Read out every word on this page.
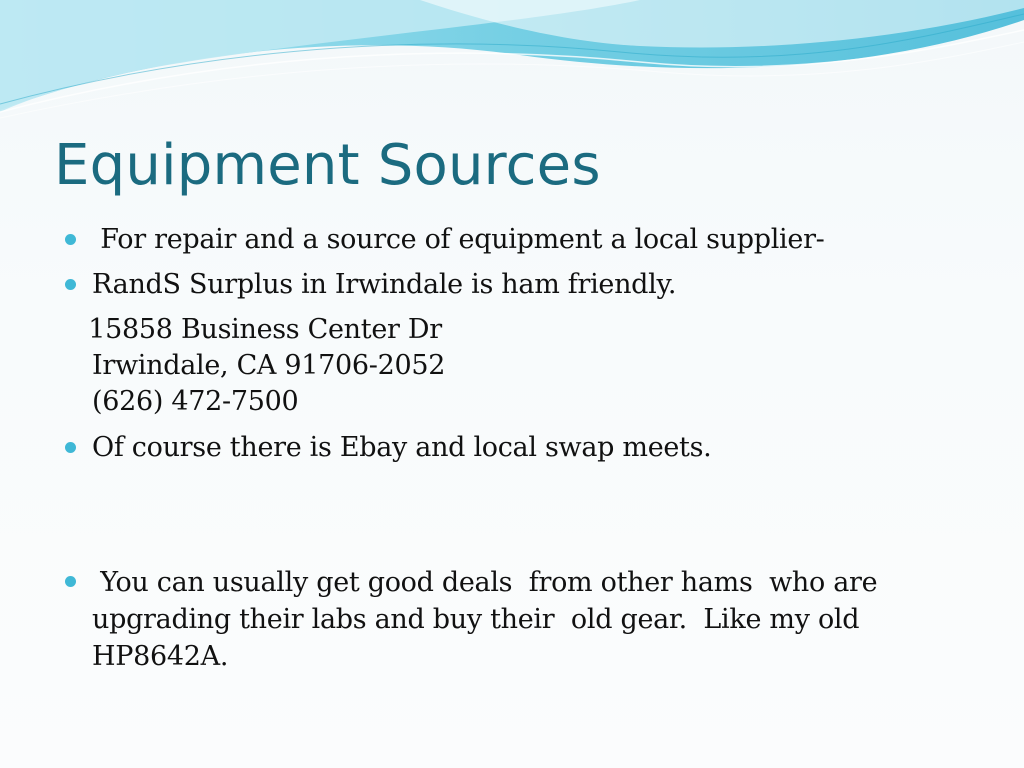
Equipment Sources
For repair and a source of equipment a local supplier-
RandS Surplus in Irwindale is ham friendly.
15858 Business Center Dr
Irwindale, CA 91706-2052
(626) 472-7500
Of course there is Ebay and local swap meets.
You can usually get good deals  from other hams  who are
upgrading their labs and buy their  old gear.  Like my old
HP8642A.
